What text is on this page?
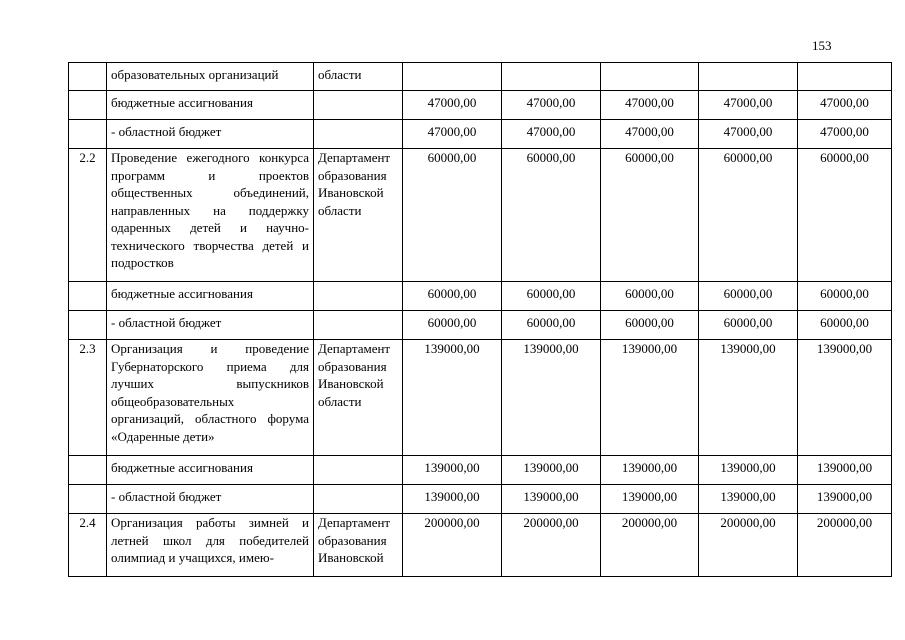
153
	образовательных организаций	области					
	бюджетные ассигнования		47000,00	47000,00	47000,00	47000,00	47000,00
	- областной бюджет		47000,00	47000,00	47000,00	47000,00	47000,00
2.2	Проведение ежегодного конкурса программ и проектов общественных объединений, направленных на поддержку одаренных детей и научно-технического творчества детей и подростков	Департамент образования Ивановской области	60000,00	60000,00	60000,00	60000,00	60000,00
	бюджетные ассигнования		60000,00	60000,00	60000,00	60000,00	60000,00
	- областной бюджет		60000,00	60000,00	60000,00	60000,00	60000,00
2.3	Организация и проведение Губернаторского приема для лучших выпускников общеобразовательных организаций, областного форума «Одаренные дети»	Департамент образования Ивановской области	139000,00	139000,00	139000,00	139000,00	139000,00
	бюджетные ассигнования		139000,00	139000,00	139000,00	139000,00	139000,00
	- областной бюджет		139000,00	139000,00	139000,00	139000,00	139000,00
2.4	Организация работы зимней и летней школ для победителей олимпиад и учащихся, имею-	Департамент образования Ивановской	200000,00	200000,00	200000,00	200000,00	200000,00
